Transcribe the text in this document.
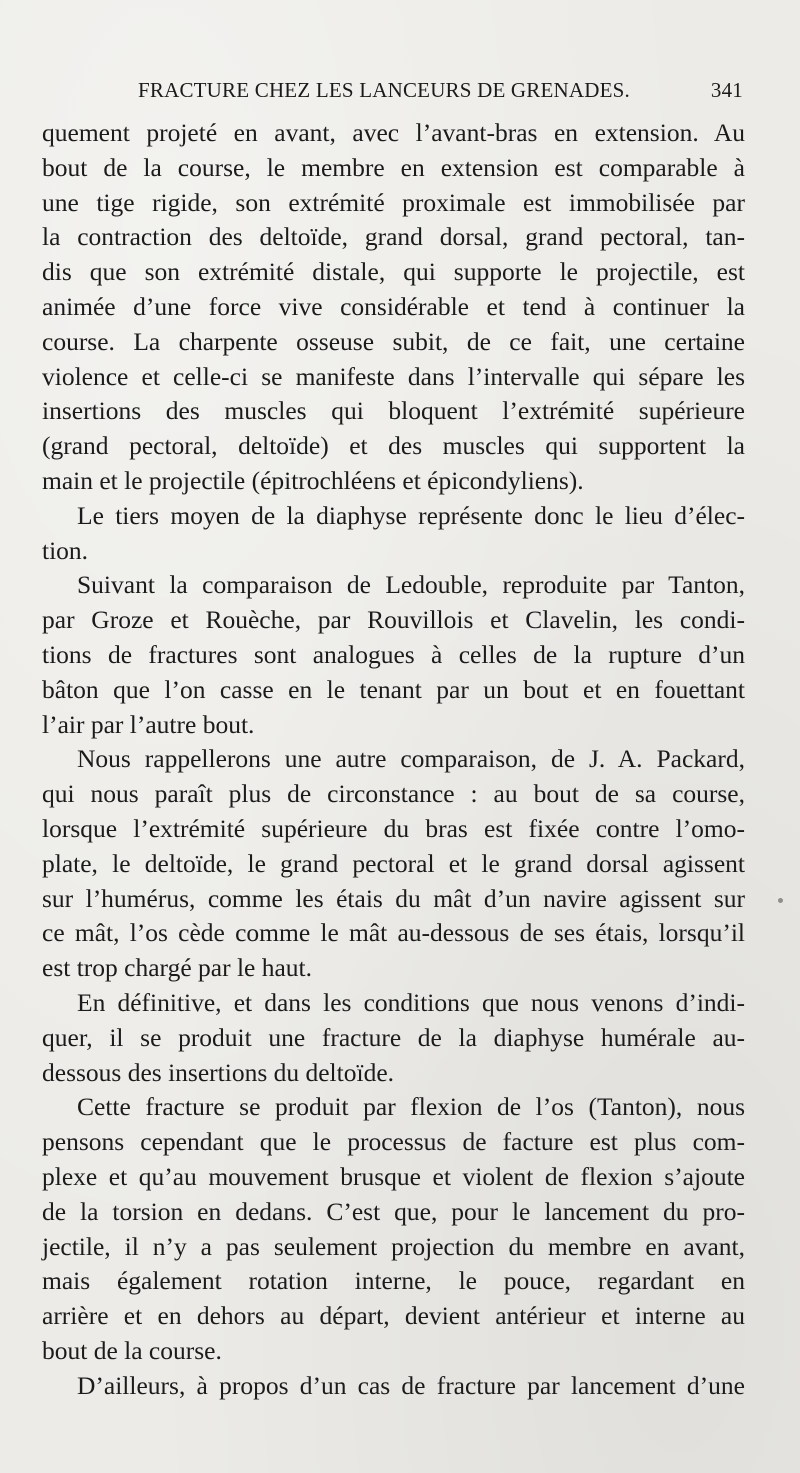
FRACTURE CHEZ LES LANCEURS DE GRENADES.	341
quement projeté en avant, avec l’avant-bras en extension. Au
bout de la course, le membre en extension est comparable à
une tige rigide, son extrémité proximale est immobilisée par
la contraction des deltoïde, grand dorsal, grand pectoral, tan-
dis que son extrémité distale, qui supporte le projectile, est
animée d’une force vive considérable et tend à continuer la
course. La charpente osseuse subit, de ce fait, une certaine
violence et celle-ci se manifeste dans l’intervalle qui sépare les
insertions des muscles qui bloquent l’extrémité supérieure
(grand pectoral, deltoïde) et des muscles qui supportent la
main et le projectile (épitrochléens et épicondyliens).
Le tiers moyen de la diaphyse représente donc le lieu d’élec-
tion.
Suivant la comparaison de Ledouble, reproduite par Tanton,
par Groze et Rouèche, par Rouvillois et Clavelin, les condi-
tions de fractures sont analogues à celles de la rupture d’un
bâton que l’on casse en le tenant par un bout et en fouettant
l’air par l’autre bout.
Nous rappellerons une autre comparaison, de J. A. Packard,
qui nous paraît plus de circonstance : au bout de sa course,
lorsque l’extrémité supérieure du bras est fixée contre l’omo-
plate, le deltoïde, le grand pectoral et le grand dorsal agissent
sur l’humérus, comme les étais du mât d’un navire agissent sur
ce mât, l’os cède comme le mât au-dessous de ses étais, lorsqu’il
est trop chargé par le haut.
En définitive, et dans les conditions que nous venons d’indi-
quer, il se produit une fracture de la diaphyse humérale au-
dessous des insertions du deltoïde.
Cette fracture se produit par flexion de l’os (Tanton), nous
pensons cependant que le processus de facture est plus com-
plexe et qu’au mouvement brusque et violent de flexion s’ajoute
de la torsion en dedans. C’est que, pour le lancement du pro-
jectile, il n’y a pas seulement projection du membre en avant,
mais également rotation interne, le pouce, regardant en
arrière et en dehors au départ, devient antérieur et interne au
bout de la course.
D’ailleurs, à propos d’un cas de fracture par lancement d’une
